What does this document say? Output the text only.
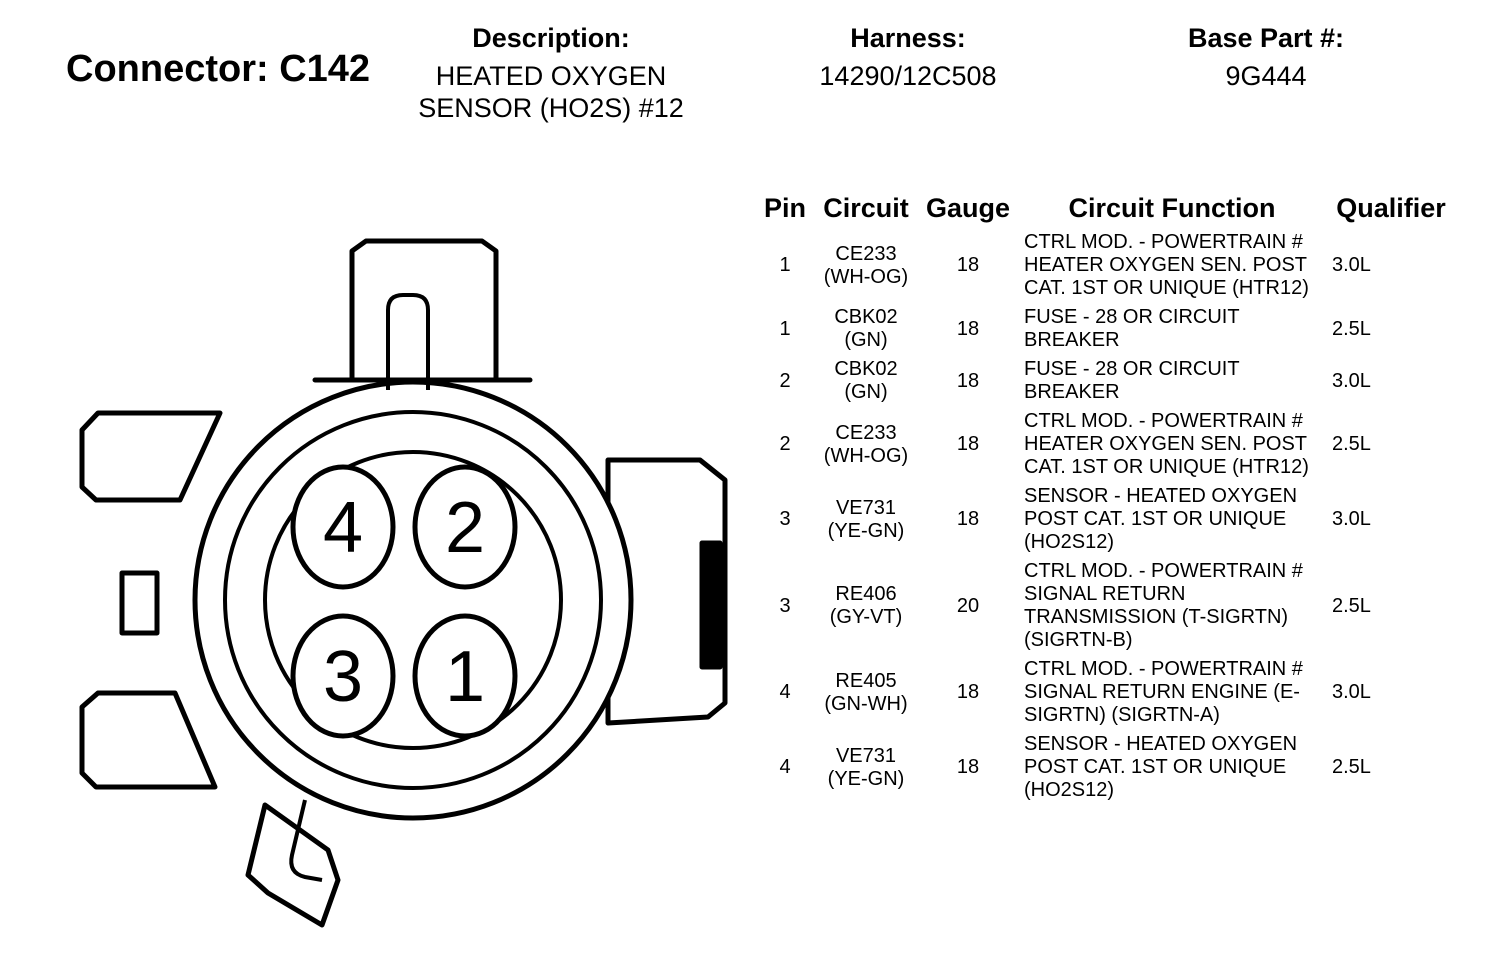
Connector: C142
Description:
HEATED OXYGEN
SENSOR (HO2S) #12
Harness:
14290/12C508
Base Part #:
9G444
4 2
3 1
Pin	Circuit	Gauge	Circuit Function	Qualifier
1	CE233
(WH-OG)	18	CTRL MOD. - POWERTRAIN # HEATER OXYGEN SEN. POST CAT. 1ST OR UNIQUE (HTR12)	3.0L
1	CBK02
(GN)	18	FUSE - 28 OR CIRCUIT BREAKER	2.5L
2	CBK02
(GN)	18	FUSE - 28 OR CIRCUIT BREAKER	3.0L
2	CE233
(WH-OG)	18	CTRL MOD. - POWERTRAIN # HEATER OXYGEN SEN. POST CAT. 1ST OR UNIQUE (HTR12)	2.5L
3	VE731
(YE-GN)	18	SENSOR - HEATED OXYGEN POST CAT. 1ST OR UNIQUE (HO2S12)	3.0L
3	RE406
(GY-VT)	20	CTRL MOD. - POWERTRAIN # SIGNAL RETURN TRANSMISSION (T-SIGRTN) (SIGRTN-B)	2.5L
4	RE405
(GN-WH)	18	CTRL MOD. - POWERTRAIN # SIGNAL RETURN ENGINE (E-SIGRTN) (SIGRTN-A)	3.0L
4	VE731
(YE-GN)	18	SENSOR - HEATED OXYGEN POST CAT. 1ST OR UNIQUE (HO2S12)	2.5L
